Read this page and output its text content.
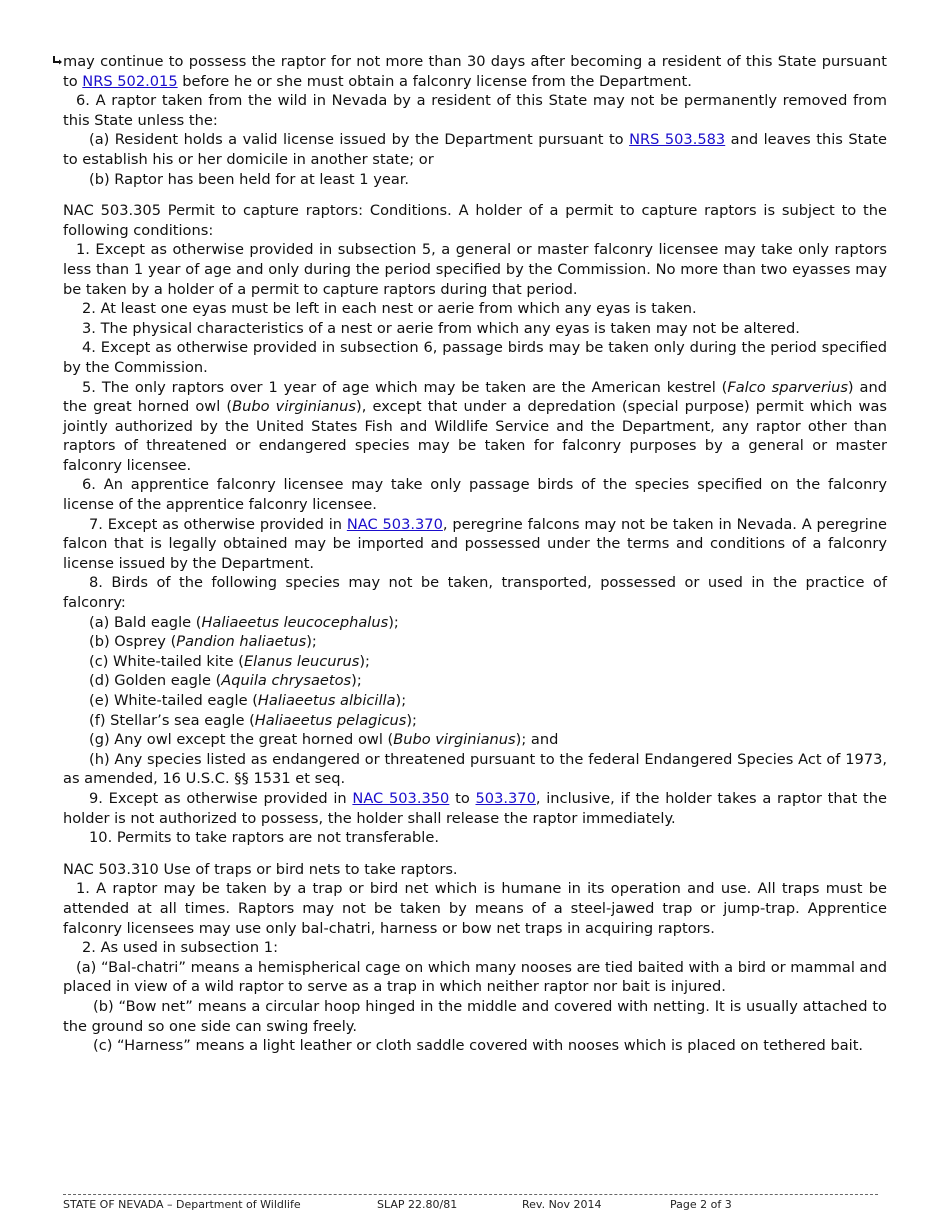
may continue to possess the raptor for not more than 30 days after becoming a resident of this State pursuant to NRS 502.015 before he or she must obtain a falconry license from the Department.

6. A raptor taken from the wild in Nevada by a resident of this State may not be permanently removed from this State unless the:

(a) Resident holds a valid license issued by the Department pursuant to NRS 503.583 and leaves this State to establish his or her domicile in another state; or

(b) Raptor has been held for at least 1 year.

NAC 503.305 Permit to capture raptors: Conditions. A holder of a permit to capture raptors is subject to the following conditions:

1. Except as otherwise provided in subsection 5, a general or master falconry licensee may take only raptors less than 1 year of age and only during the period specified by the Commission. No more than two eyasses may be taken by a holder of a permit to capture raptors during that period.

2. At least one eyas must be left in each nest or aerie from which any eyas is taken.

3. The physical characteristics of a nest or aerie from which any eyas is taken may not be altered.

4. Except as otherwise provided in subsection 6, passage birds may be taken only during the period specified by the Commission.

5. The only raptors over 1 year of age which may be taken are the American kestrel (Falco sparverius) and the great horned owl (Bubo virginianus), except that under a depredation (special purpose) permit which was jointly authorized by the United States Fish and Wildlife Service and the Department, any raptor other than raptors of threatened or endangered species may be taken for falconry purposes by a general or master falconry licensee.

6. An apprentice falconry licensee may take only passage birds of the species specified on the falconry license of the apprentice falconry licensee.

7. Except as otherwise provided in NAC 503.370, peregrine falcons may not be taken in Nevada. A peregrine falcon that is legally obtained may be imported and possessed under the terms and conditions of a falconry license issued by the Department.

8. Birds of the following species may not be taken, transported, possessed or used in the practice of falconry:

(a) Bald eagle (Haliaeetus leucocephalus);

(b) Osprey (Pandion haliaetus);

(c) White-tailed kite (Elanus leucurus);

(d) Golden eagle (Aquila chrysaetos);

(e) White-tailed eagle (Haliaeetus albicilla);

(f) Stellar’s sea eagle (Haliaeetus pelagicus);

(g) Any owl except the great horned owl (Bubo virginianus); and

(h) Any species listed as endangered or threatened pursuant to the federal Endangered Species Act of 1973, as amended, 16 U.S.C. §§ 1531 et seq.

9. Except as otherwise provided in NAC 503.350 to 503.370, inclusive, if the holder takes a raptor that the holder is not authorized to possess, the holder shall release the raptor immediately.

10. Permits to take raptors are not transferable.

NAC 503.310 Use of traps or bird nets to take raptors.

1. A raptor may be taken by a trap or bird net which is humane in its operation and use. All traps must be attended at all times. Raptors may not be taken by means of a steel-jawed trap or jump-trap. Apprentice falconry licensees may use only bal-chatri, harness or bow net traps in acquiring raptors.

2. As used in subsection 1:

(a) “Bal-chatri” means a hemispherical cage on which many nooses are tied baited with a bird or mammal and placed in view of a wild raptor to serve as a trap in which neither raptor nor bait is injured.

(b) “Bow net” means a circular hoop hinged in the middle and covered with netting. It is usually attached to the ground so one side can swing freely.

(c) “Harness” means a light leather or cloth saddle covered with nooses which is placed on tethered bait.

STATE OF NEVADA – Department of Wildlife	SLAP 22.80/81	Rev. Nov 2014	Page 2 of 3
